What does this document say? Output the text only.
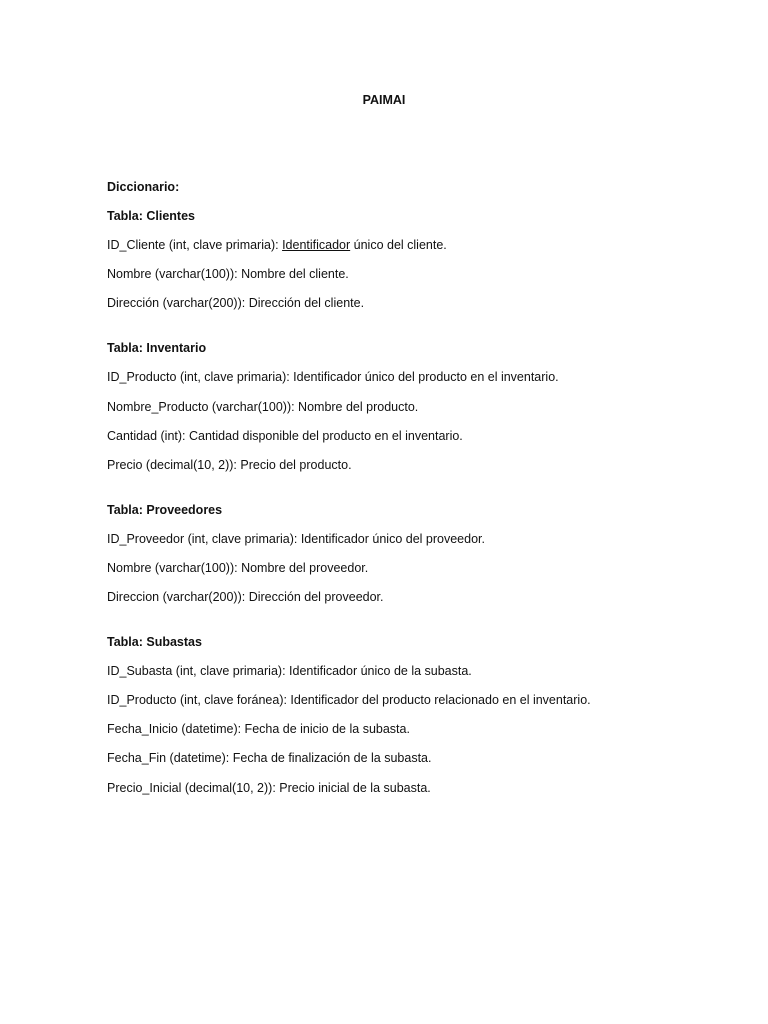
PAIMAI
Diccionario:
Tabla: Clientes
ID_Cliente (int, clave primaria): Identificador único del cliente.
Nombre (varchar(100)): Nombre del cliente.
Dirección (varchar(200)): Dirección del cliente.
Tabla: Inventario
ID_Producto (int, clave primaria): Identificador único del producto en el inventario.
Nombre_Producto (varchar(100)): Nombre del producto.
Cantidad (int): Cantidad disponible del producto en el inventario.
Precio (decimal(10, 2)): Precio del producto.
Tabla: Proveedores
ID_Proveedor (int, clave primaria): Identificador único del proveedor.
Nombre (varchar(100)): Nombre del proveedor.
Direccion (varchar(200)): Dirección del proveedor.
Tabla: Subastas
ID_Subasta (int, clave primaria): Identificador único de la subasta.
ID_Producto (int, clave foránea): Identificador del producto relacionado en el inventario.
Fecha_Inicio (datetime): Fecha de inicio de la subasta.
Fecha_Fin (datetime): Fecha de finalización de la subasta.
Precio_Inicial (decimal(10, 2)): Precio inicial de la subasta.
